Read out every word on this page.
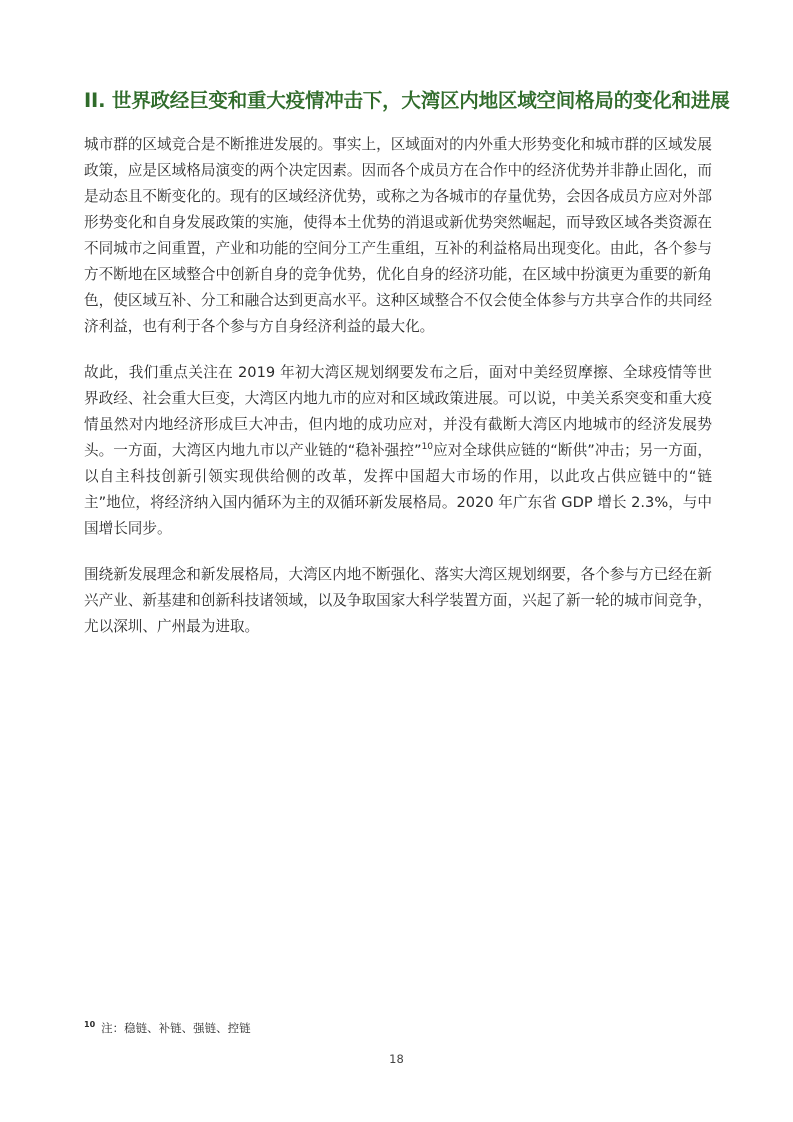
II. 世界政经巨变和重大疫情冲击下，大湾区内地区域空间格局的变化和进展

城市群的区域竞合是不断推进发展的。事实上，区域面对的内外重大形势变化和城市群的区域发展政策，应是区域格局演变的两个决定因素。因而各个成员方在合作中的经济优势并非静止固化，而是动态且不断变化的。现有的区域经济优势，或称之为各城市的存量优势，会因各成员方应对外部形势变化和自身发展政策的实施，使得本土优势的消退或新优势突然崛起，而导致区域各类资源在不同城市之间重置，产业和功能的空间分工产生重组，互补的利益格局出现变化。由此，各个参与方不断地在区域整合中创新自身的竞争优势，优化自身的经济功能，在区域中扮演更为重要的新角色，使区域互补、分工和融合达到更高水平。这种区域整合不仅会使全体参与方共享合作的共同经济利益，也有利于各个参与方自身经济利益的最大化。

故此，我们重点关注在 2019 年初大湾区规划纲要发布之后，面对中美经贸摩擦、全球疫情等世界政经、社会重大巨变，大湾区内地九市的应对和区域政策进展。可以说，中美关系突变和重大疫情虽然对内地经济形成巨大冲击，但内地的成功应对，并没有截断大湾区内地城市的经济发展势头。一方面，大湾区内地九市以产业链的“稳补强控”$^{10}$应对全球供应链的“断供”冲击；另一方面，以自主科技创新引领实现供给侧的改革，发挥中国超大市场的作用，以此攻占供应链中的“链主”地位，将经济纳入国内循环为主的双循环新发展格局。2020 年广东省 GDP 增长 2.3%，与中国增长同步。

围绕新发展理念和新发展格局，大湾区内地不断强化、落实大湾区规划纲要，各个参与方已经在新兴产业、新基建和创新科技诸领域，以及争取国家大科学装置方面，兴起了新一轮的城市间竞争，尤以深圳、广州最为进取。

$^{10}$ 注：稳链、补链、强链、控链
18
